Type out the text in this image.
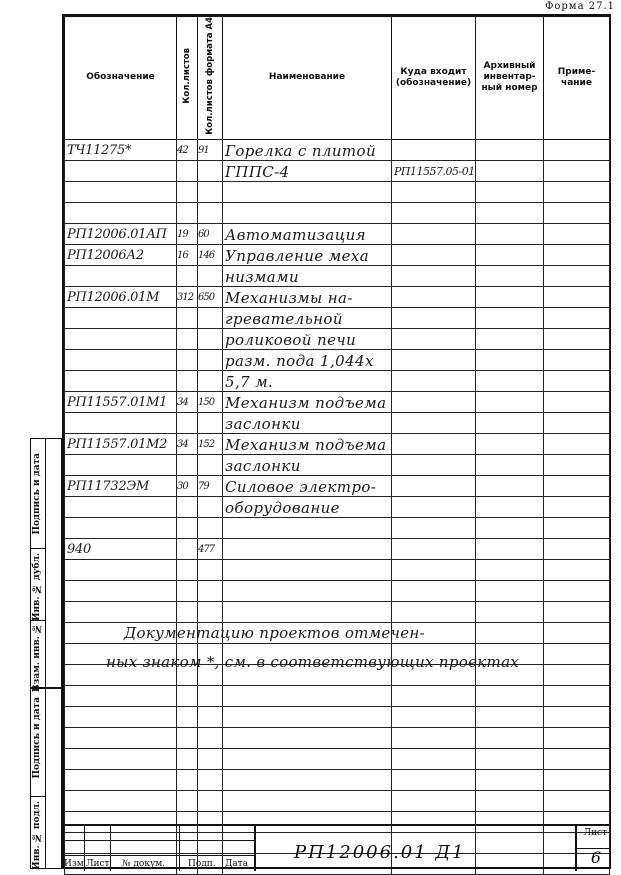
Форма 27.1
Обозначение	Кол.листов	Кол.листов формата А4	Наименование	Куда входит (обозначение)	Архивный инвентар-ный номер	Приме-чание
ТЧ11275*	42	91	Горелка с плитой			
			ГППС-4	РП11557.05-01		

РП12006.01АП	19	60	Автоматизация			
РП12006А2	16	146	Управление меха			
			низмами			
РП12006.01М	312	650	Механизмы на-			
			гревательной			
			роликовой печи			
			разм. пода 1,044х			
			5,7 м.			
РП11557.01М1	34	150	Механизм подъема			
			заслонки			
РП11557.01М2	34	152	Механизм подъема			
			заслонки			
РП11732ЭМ	30	79	Силовое электро-			
			оборудование			

940		477				

Документацию проектов отмечен-
ных знаком *, см. в соответствующих проектах
Изм Лист № докум.	Подп. Дата
РП12006.01 Д1
Лист
6
Подпись и дата
Инв. № дубл.
Взам. инв. №
Подпись и дата
Инв. № подл.
